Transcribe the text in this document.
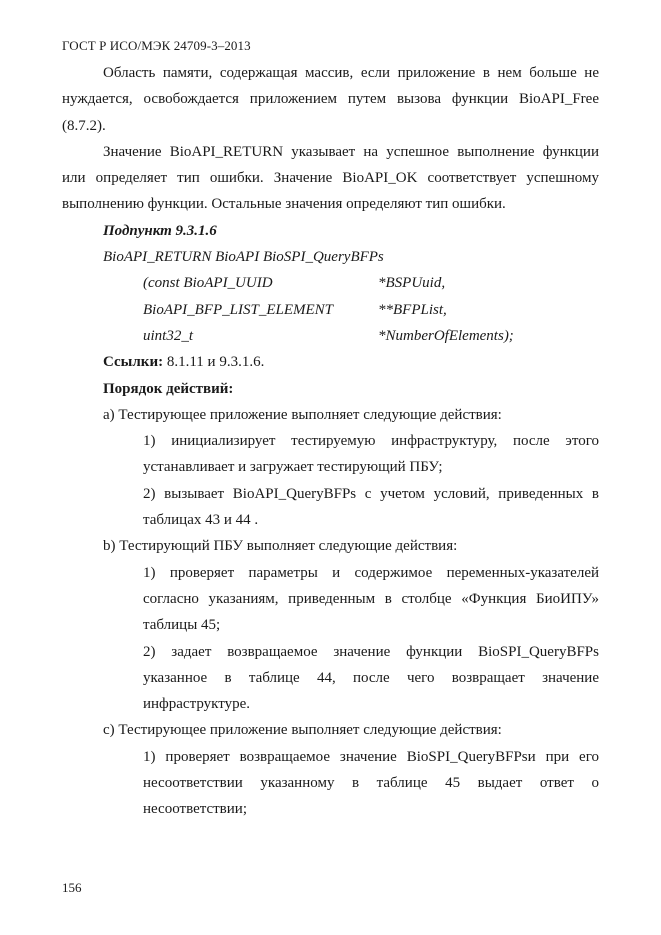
ГОСТ Р ИСО/МЭК 24709-3–2013

Область памяти, содержащая массив, если приложение в нем больше не нуждается, освобождается приложением путем вызова функции BioAPI_Free (8.7.2).

Значение BioAPI_RETURN указывает на успешное выполнение функции или определяет тип ошибки. Значение BioAPI_OK соответствует успешному выполнению функции. Остальные значения определяют тип ошибки.

Подпункт 9.3.1.6

BioAPI_RETURN BioAPI BioSPI_QueryBFPs

(const BioAPI_UUID	*BSPUuid,
BioAPI_BFP_LIST_ELEMENT	**BFPList,
uint32_t	*NumberOfElements);

Ссылки: 8.1.11 и 9.3.1.6.

Порядок действий:

a) Тестирующее приложение выполняет следующие действия:

1) инициализирует тестируемую инфраструктуру, после этого устанавливает и загружает тестирующий ПБУ;

2) вызывает BioAPI_QueryBFPs с учетом условий, приведенных в таблицах 43 и 44 .

b) Тестирующий ПБУ выполняет следующие действия:

1) проверяет параметры и содержимое переменных-указателей согласно указаниям, приведенным в столбце «Функция БиоИПУ» таблицы 45;

2) задает возвращаемое значение функции BioSPI_QueryBFPs указанное в таблице 44, после чего возвращает значение инфраструктуре.

c) Тестирующее приложение выполняет следующие действия:

1) проверяет возвращаемое значение BioSPI_QueryBFPsи при его несоответствии указанному в таблице 45 выдает ответ о несоответствии;

156
